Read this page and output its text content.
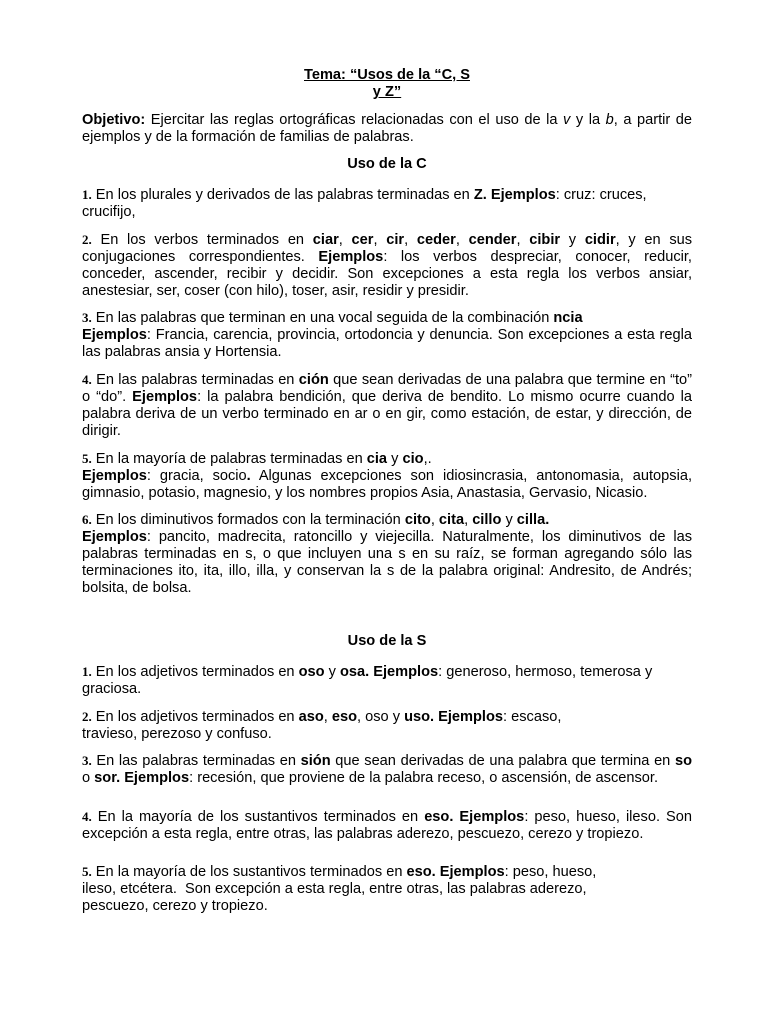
Tema: “Usos de la “C, S
y Z”
Objetivo: Ejercitar las reglas ortográficas relacionadas con el uso de la v y la b, a partir de ejemplos y de la formación de familias de palabras.
Uso de la C
1. En los plurales y derivados de las palabras terminadas en Z. Ejemplos: cruz: cruces, crucifijo,
2. En los verbos terminados en ciar, cer, cir, ceder, cender, cibir y cidir, y en sus conjugaciones correspondientes. Ejemplos: los verbos despreciar, conocer, reducir, conceder, ascender, recibir y decidir. Son excepciones a esta regla los verbos ansiar, anestesiar, ser, coser (con hilo), toser, asir, residir y presidir.
3. En las palabras que terminan en una vocal seguida de la combinación ncia
Ejemplos: Francia, carencia, provincia, ortodoncia y denuncia. Son excepciones a esta regla las palabras ansia y Hortensia.
4. En las palabras terminadas en ción que sean derivadas de una palabra que termine en “to” o “do”. Ejemplos: la palabra bendición, que deriva de bendito. Lo mismo ocurre cuando la palabra deriva de un verbo terminado en ar o en gir, como estación, de estar, y dirección, de dirigir.
5. En la mayoría de palabras terminadas en cia y cio,.
Ejemplos: gracia, socio. Algunas excepciones son idiosincrasia, antonomasia, autopsia, gimnasio, potasio, magnesio, y los nombres propios Asia, Anastasia, Gervasio, Nicasio.
6. En los diminutivos formados con la terminación cito, cita, cillo y cilla.
Ejemplos: pancito, madrecita, ratoncillo y viejecilla. Naturalmente, los diminutivos de las palabras terminadas en s, o que incluyen una s en su raíz, se forman agregando sólo las terminaciones ito, ita, illo, illa, y conservan la s de la palabra original: Andresito, de Andrés; bolsita, de bolsa.
Uso de la S
1. En los adjetivos terminados en oso y osa. Ejemplos: generoso, hermoso, temerosa y graciosa.
2. En los adjetivos terminados en aso, eso, oso y uso. Ejemplos: escaso,
travieso, perezoso y confuso.
3. En las palabras terminadas en sión que sean derivadas de una palabra que termina en so o sor. Ejemplos: recesión, que proviene de la palabra receso, o ascensión, de ascensor.
4. En la mayoría de los sustantivos terminados en eso. Ejemplos: peso, hueso, ileso. Son excepción a esta regla, entre otras, las palabras aderezo, pescuezo, cerezo y tropiezo.
5. En la mayoría de los sustantivos terminados en eso. Ejemplos: peso, hueso,
ileso, etcétera.  Son excepción a esta regla, entre otras, las palabras aderezo,
pescuezo, cerezo y tropiezo.
